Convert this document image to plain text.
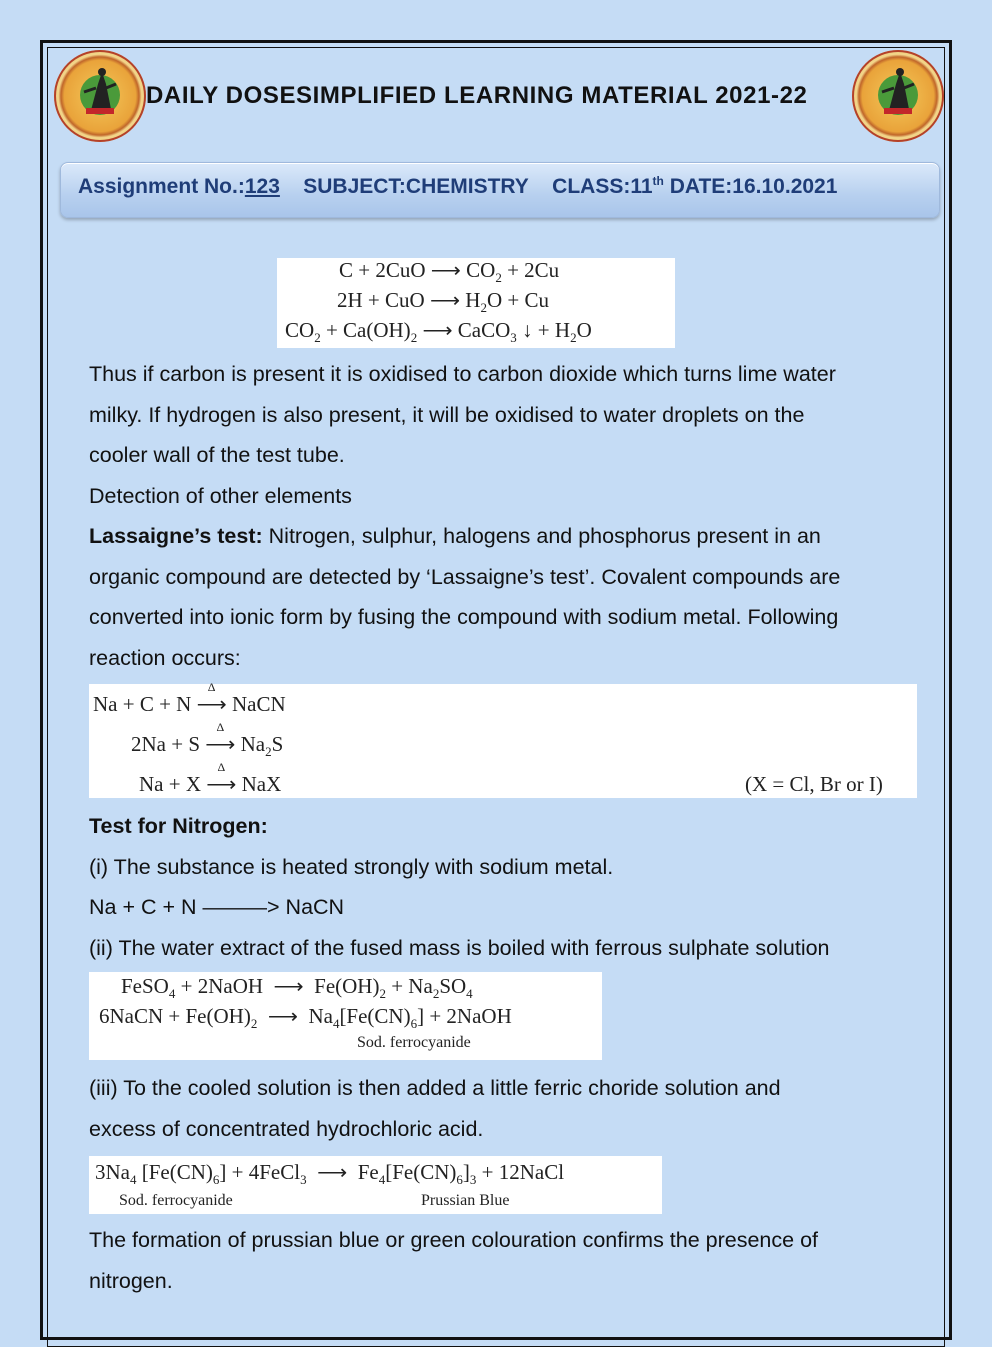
DAILY DOSESIMPLIFIED LEARNING MATERIAL 2021-22
Assignment No.:123 SUBJECT:CHEMISTRY CLASS:11th DATE:16.10.2021
C + 2CuO ⟶ $CO_2 + 2Cu$
2H + CuO ⟶ $H_2O + Cu$
$CO_2 + Ca(OH)_2$ ⟶ CaCO$_3$ ↓ + $H_2O$
Thus if carbon is present it is oxidised to carbon dioxide which turns lime water
milky. If hydrogen is also present, it will be oxidised to water droplets on the
cooler wall of the test tube.
Detection of other elements
Lassaigne’s test: Nitrogen, sulphur, halogens and phosphorus present in an
organic compound are detected by ‘Lassaigne’s test’. Covalent compounds are
converted into ionic form by fusing the compound with sodium metal. Following
reaction occurs:
Na + C + N ⟶
Δ
NaCN
2Na + S ⟶
Δ
$Na_2S$
Na + X ⟶
Δ
NaX	(X = Cl, Br or I)
Test for Nitrogen:
(i) The substance is heated strongly with sodium metal.
Na + C + N ———> NaCN
(ii) The water extract of the fused mass is boiled with ferrous sulphate solution
FeSO$_4$ + 2NaOH  ⟶  $Fe(OH)_2 + Na_2SO_4$
6NaCN + $Fe(OH)_2$  ⟶  $Na_4[Fe(CN)_6]$ + 2NaOH
Sod. ferrocyanide
(iii) To the cooled solution is then added a little ferric choride solution and
excess of concentrated hydrochloric acid.
$3Na_4$ $[Fe(CN)_6]$ + 4FeCl$_3$  ⟶  $Fe_4[Fe(CN)_6]_3$ + 12NaCl
Sod. ferrocyanide	Prussian Blue
The formation of prussian blue or green colouration confirms the presence of
nitrogen.
